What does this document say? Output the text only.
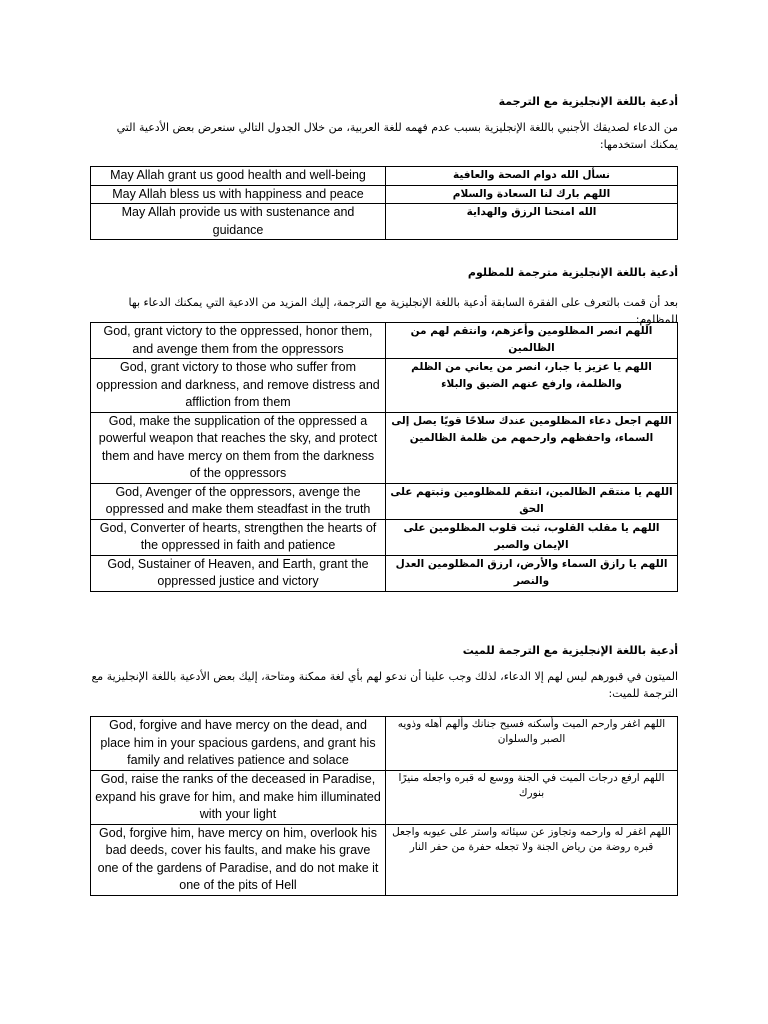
أدعية باللغة الإنجليزية مع الترجمة
من الدعاء لصديقك الأجنبي باللغة الإنجليزية بسبب عدم فهمه للغة العربية، من خلال الجدول التالي سنعرض بعض الأدعية التي يمكنك استخدمها:
May Allah grant us good health and well-being	نسأل الله دوام الصحة والعافية
May Allah bless us with happiness and peace	اللهم بارك لنا السعادة والسلام
May Allah provide us with sustenance and guidance	الله امنحنا الرزق والهداية
أدعية باللغة الإنجليزية مترجمة للمظلوم
بعد أن قمت بالتعرف على الفقرة السابقة أدعية باللغة الإنجليزية مع الترجمة، إليك المزيد من الادعية التي يمكنك الدعاء بها للمظلوم:
God, grant victory to the oppressed, honor them, and avenge them from the oppressors	اللهم انصر المظلومين وأعزهم، وانتقم لهم من الظالمين
God, grant victory to those who suffer from oppression and darkness, and remove distress and affliction from them	اللهم يا عزيز يا جبار، انصر من يعاني من الظلم والظلمة، وارفع عنهم الضيق والبلاء
God, make the supplication of the oppressed a powerful weapon that reaches the sky, and protect them and have mercy on them from the darkness of the oppressors	اللهم اجعل دعاء المظلومين عندك سلاحًا قويًا يصل إلى السماء، واحفظهم وارحمهم من ظلمة الظالمين
God, Avenger of the oppressors, avenge the oppressed and make them steadfast in the truth	اللهم يا منتقم الظالمين، انتقم للمظلومين وثبتهم على الحق
God, Converter of hearts, strengthen the hearts of the oppressed in faith and patience	اللهم يا مقلب القلوب، ثبت قلوب المظلومين على الإيمان والصبر
God, Sustainer of Heaven, and Earth, grant the oppressed justice and victory	اللهم يا رازق السماء والأرض، ارزق المظلومين العدل والنصر
أدعية باللغة الإنجليزية مع الترجمة للميت
الميتون في قبورهم ليس لهم إلا الدعاء، لذلك وجب علينا أن ندعو لهم بأي لغة ممكنة ومتاحة، إليك بعض الأدعية باللغة الإنجليزية مع الترجمة للميت:
God, forgive and have mercy on the dead, and place him in your spacious gardens, and grant his family and relatives patience and solace	اللهم اغفر وارحم الميت وأسكنه فسيح جنانك وألهم أهله وذويه الصبر والسلوان
God, raise the ranks of the deceased in Paradise, expand his grave for him, and make him illuminated with your light	اللهم ارفع درجات الميت في الجنة ووسع له قبره واجعله منيرًا بنورك
God, forgive him, have mercy on him, overlook his bad deeds, cover his faults, and make his grave one of the gardens of Paradise, and do not make it one of the pits of Hell	اللهم اغفر له وارحمه وتجاوز عن سيئاته واستر على عيوبه واجعل قبره روضة من رياض الجنة ولا تجعله حفرة من حفر النار
